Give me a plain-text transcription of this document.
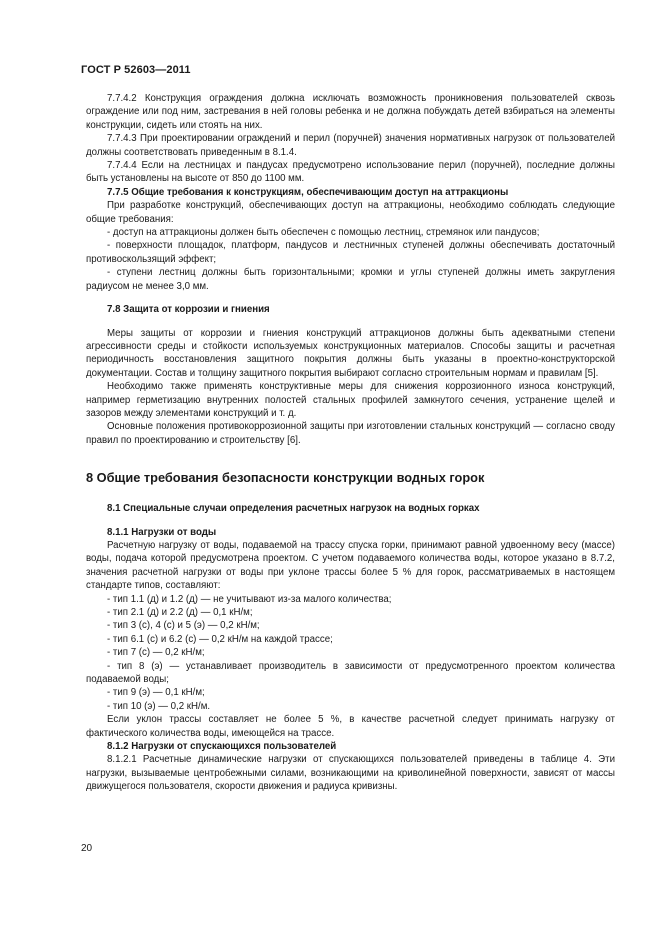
ГОСТ Р 52603—2011

7.7.4.2 Конструкция ограждения должна исключать возможность проникновения пользователей сквозь ограждение или под ним, застревания в ней головы ребенка и не должна побуждать детей взбираться на элементы конструкции, сидеть или стоять на них.

7.7.4.3 При проектировании ограждений и перил (поручней) значения нормативных нагрузок от пользователей должны соответствовать приведенным в 8.1.4.

7.7.4.4 Если на лестницах и пандусах предусмотрено использование перил (поручней), последние должны быть установлены на высоте от 850 до 1100 мм.

7.7.5 Общие требования к конструкциям, обеспечивающим доступ на аттракционы

При разработке конструкций, обеспечивающих доступ на аттракционы, необходимо соблюдать следующие общие требования:

- доступ на аттракционы должен быть обеспечен с помощью лестниц, стремянок или пандусов;

- поверхности площадок, платформ, пандусов и лестничных ступеней должны обеспечивать достаточный противоскользящий эффект;

- ступени лестниц должны быть горизонтальными; кромки и углы ступеней должны иметь закругления радиусом не менее 3,0 мм.

7.8 Защита от коррозии и гниения

Меры защиты от коррозии и гниения конструкций аттракционов должны быть адекватными степени агрессивности среды и стойкости используемых конструкционных материалов. Способы защиты и расчетная периодичность восстановления защитного покрытия должны быть указаны в проектно-конструкторской документации. Состав и толщину защитного покрытия выбирают согласно строительным нормам и правилам [5].

Необходимо также применять конструктивные меры для снижения коррозионного износа конструкций, например герметизацию внутренних полостей стальных профилей замкнутого сечения, устранение щелей и зазоров между элементами конструкций и т. д.

Основные положения противокоррозионной защиты при изготовлении стальных конструкций — согласно своду правил по проектированию и строительству [6].

8 Общие требования безопасности конструкции водных горок

8.1 Специальные случаи определения расчетных нагрузок на водных горках

8.1.1 Нагрузки от воды

Расчетную нагрузку от воды, подаваемой на трассу спуска горки, принимают равной удвоенному весу (массе) воды, подача которой предусмотрена проектом. С учетом подаваемого количества воды, которое указано в 8.7.2, значения расчетной нагрузки от воды при уклоне трассы более 5 % для горок, рассматриваемых в настоящем стандарте типов, составляют:

- тип 1.1 (д) и 1.2 (д) — не учитывают из-за малого количества;

- тип 2.1 (д) и 2.2 (д) — 0,1 кН/м;

- тип 3 (с), 4 (с) и 5 (э) — 0,2 кН/м;

- тип 6.1 (с) и 6.2 (с) — 0,2 кН/м на каждой трассе;

- тип 7 (с) — 0,2 кН/м;

- тип 8 (э) — устанавливает производитель в зависимости от предусмотренного проектом количества подаваемой воды;

- тип 9 (э) — 0,1 кН/м;

- тип 10 (э) — 0,2 кН/м.

Если уклон трассы составляет не более 5 %, в качестве расчетной следует принимать нагрузку от фактического количества воды, имеющейся на трассе.

8.1.2 Нагрузки от спускающихся пользователей

8.1.2.1 Расчетные динамические нагрузки от спускающихся пользователей приведены в таблице 4. Эти нагрузки, вызываемые центробежными силами, возникающими на криволинейной поверхности, зависят от массы движущегося пользователя, скорости движения и радиуса кривизны.

20
